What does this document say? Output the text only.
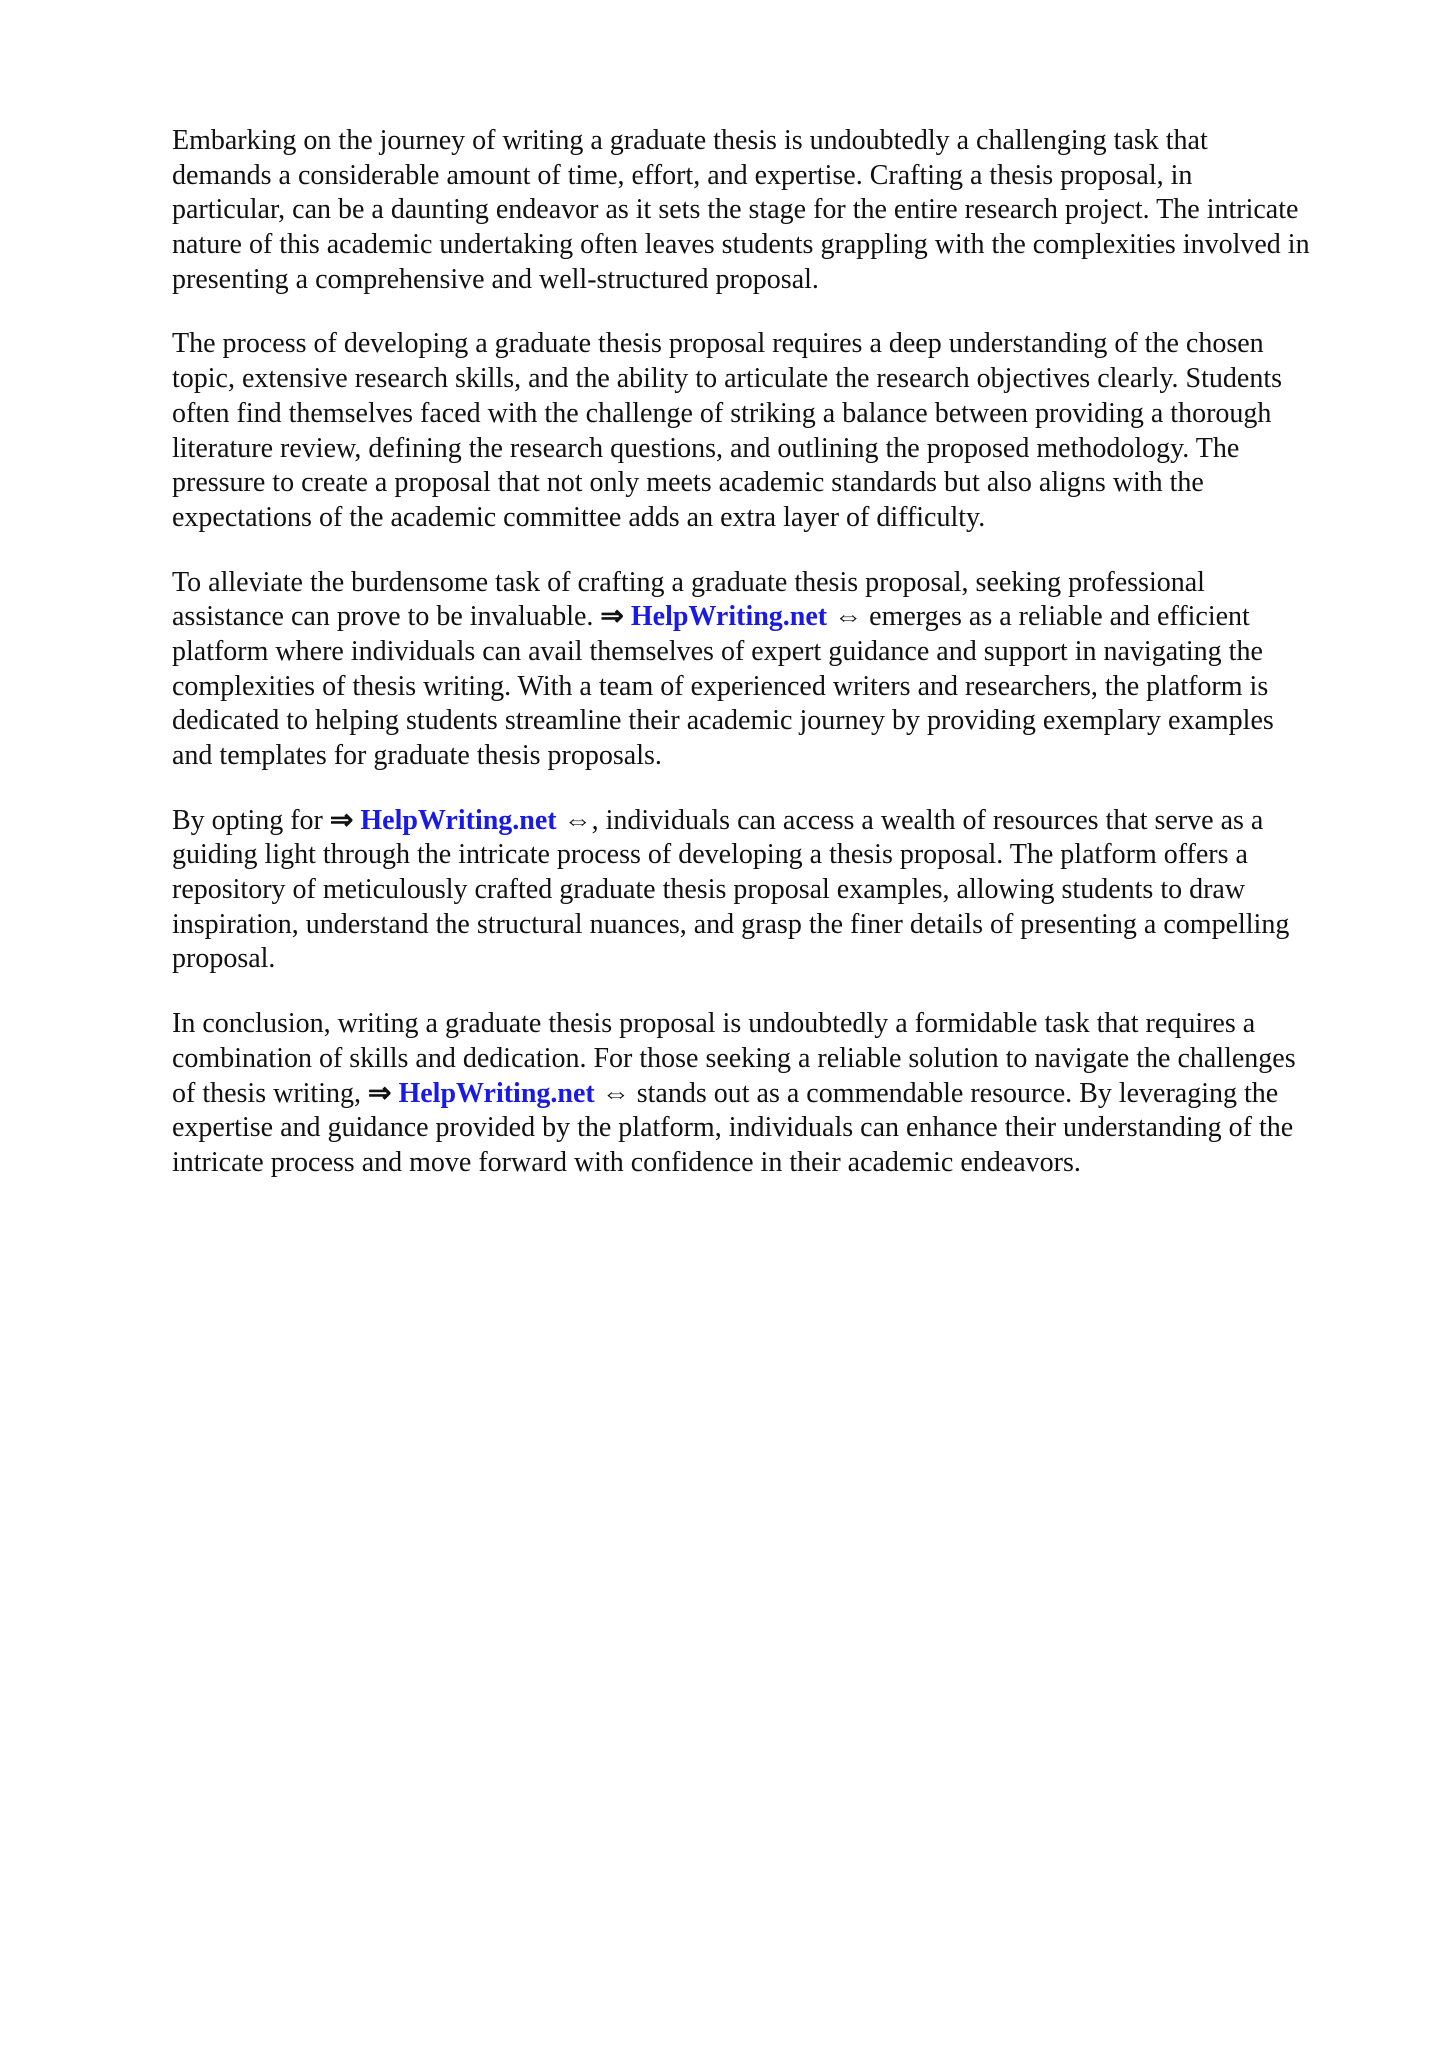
Embarking on the journey of writing a graduate thesis is undoubtedly a challenging task that
demands a considerable amount of time, effort, and expertise. Crafting a thesis proposal, in
particular, can be a daunting endeavor as it sets the stage for the entire research project. The intricate
nature of this academic undertaking often leaves students grappling with the complexities involved in
presenting a comprehensive and well-structured proposal.
The process of developing a graduate thesis proposal requires a deep understanding of the chosen
topic, extensive research skills, and the ability to articulate the research objectives clearly. Students
often find themselves faced with the challenge of striking a balance between providing a thorough
literature review, defining the research questions, and outlining the proposed methodology. The
pressure to create a proposal that not only meets academic standards but also aligns with the
expectations of the academic committee adds an extra layer of difficulty.
To alleviate the burdensome task of crafting a graduate thesis proposal, seeking professional
assistance can prove to be invaluable. ⇒ HelpWriting.net ⇔ emerges as a reliable and efficient
platform where individuals can avail themselves of expert guidance and support in navigating the
complexities of thesis writing. With a team of experienced writers and researchers, the platform is
dedicated to helping students streamline their academic journey by providing exemplary examples
and templates for graduate thesis proposals.
By opting for ⇒ HelpWriting.net ⇔, individuals can access a wealth of resources that serve as a
guiding light through the intricate process of developing a thesis proposal. The platform offers a
repository of meticulously crafted graduate thesis proposal examples, allowing students to draw
inspiration, understand the structural nuances, and grasp the finer details of presenting a compelling
proposal.
In conclusion, writing a graduate thesis proposal is undoubtedly a formidable task that requires a
combination of skills and dedication. For those seeking a reliable solution to navigate the challenges
of thesis writing, ⇒ HelpWriting.net ⇔ stands out as a commendable resource. By leveraging the
expertise and guidance provided by the platform, individuals can enhance their understanding of the
intricate process and move forward with confidence in their academic endeavors.
